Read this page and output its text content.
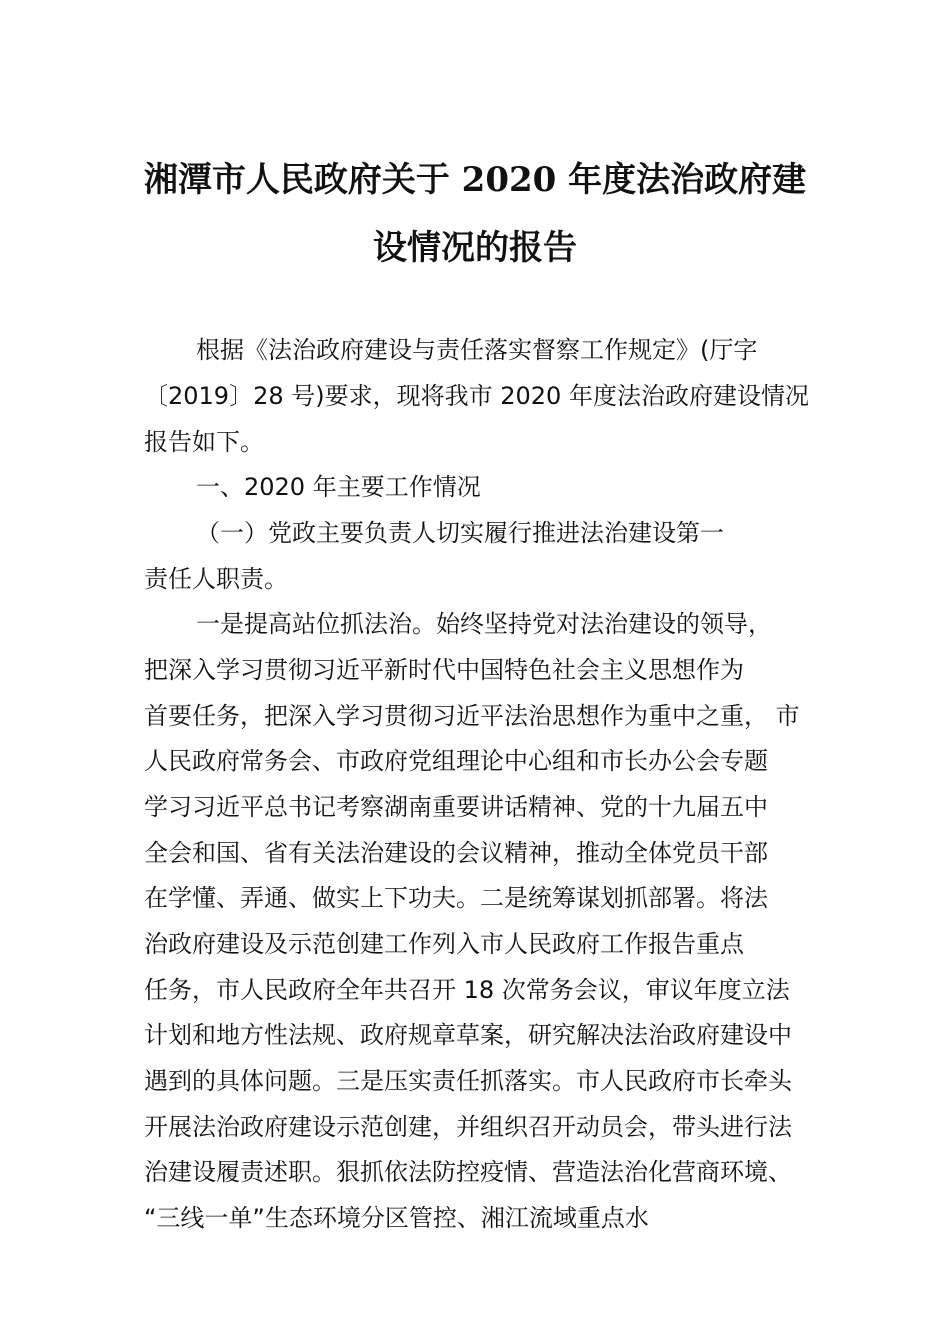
湘潭市人民政府关于 2020 年度法治政府建
设情况的报告

根据《法治政府建设与责任落实督察工作规定》(厅字

〔2019〕28 号)要求，现将我市 2020 年度法治政府建设情况

报告如下。

一、2020 年主要工作情况

（一）党政主要负责人切实履行推进法治建设第一

责任人职责。

一是提高站位抓法治。始终坚持党对法治建设的领导，

把深入学习贯彻习近平新时代中国特色社会主义思想作为

首要任务，把深入学习贯彻习近平法治思想作为重中之重， 市

人民政府常务会、市政府党组理论中心组和市长办公会专题

学习习近平总书记考察湖南重要讲话精神、党的十九届五中

全会和国、省有关法治建设的会议精神，推动全体党员干部

在学懂、弄通、做实上下功夫。二是统筹谋划抓部署。将法

治政府建设及示范创建工作列入市人民政府工作报告重点

任务，市人民政府全年共召开 18 次常务会议，审议年度立法

计划和地方性法规、政府规章草案，研究解决法治政府建设中

遇到的具体问题。三是压实责任抓落实。市人民政府市长牵头

开展法治政府建设示范创建，并组织召开动员会，带头进行法

治建设履责述职。狠抓依法防控疫情、营造法治化营商环境、

“三线一单”生态环境分区管控、湘江流域重点水
